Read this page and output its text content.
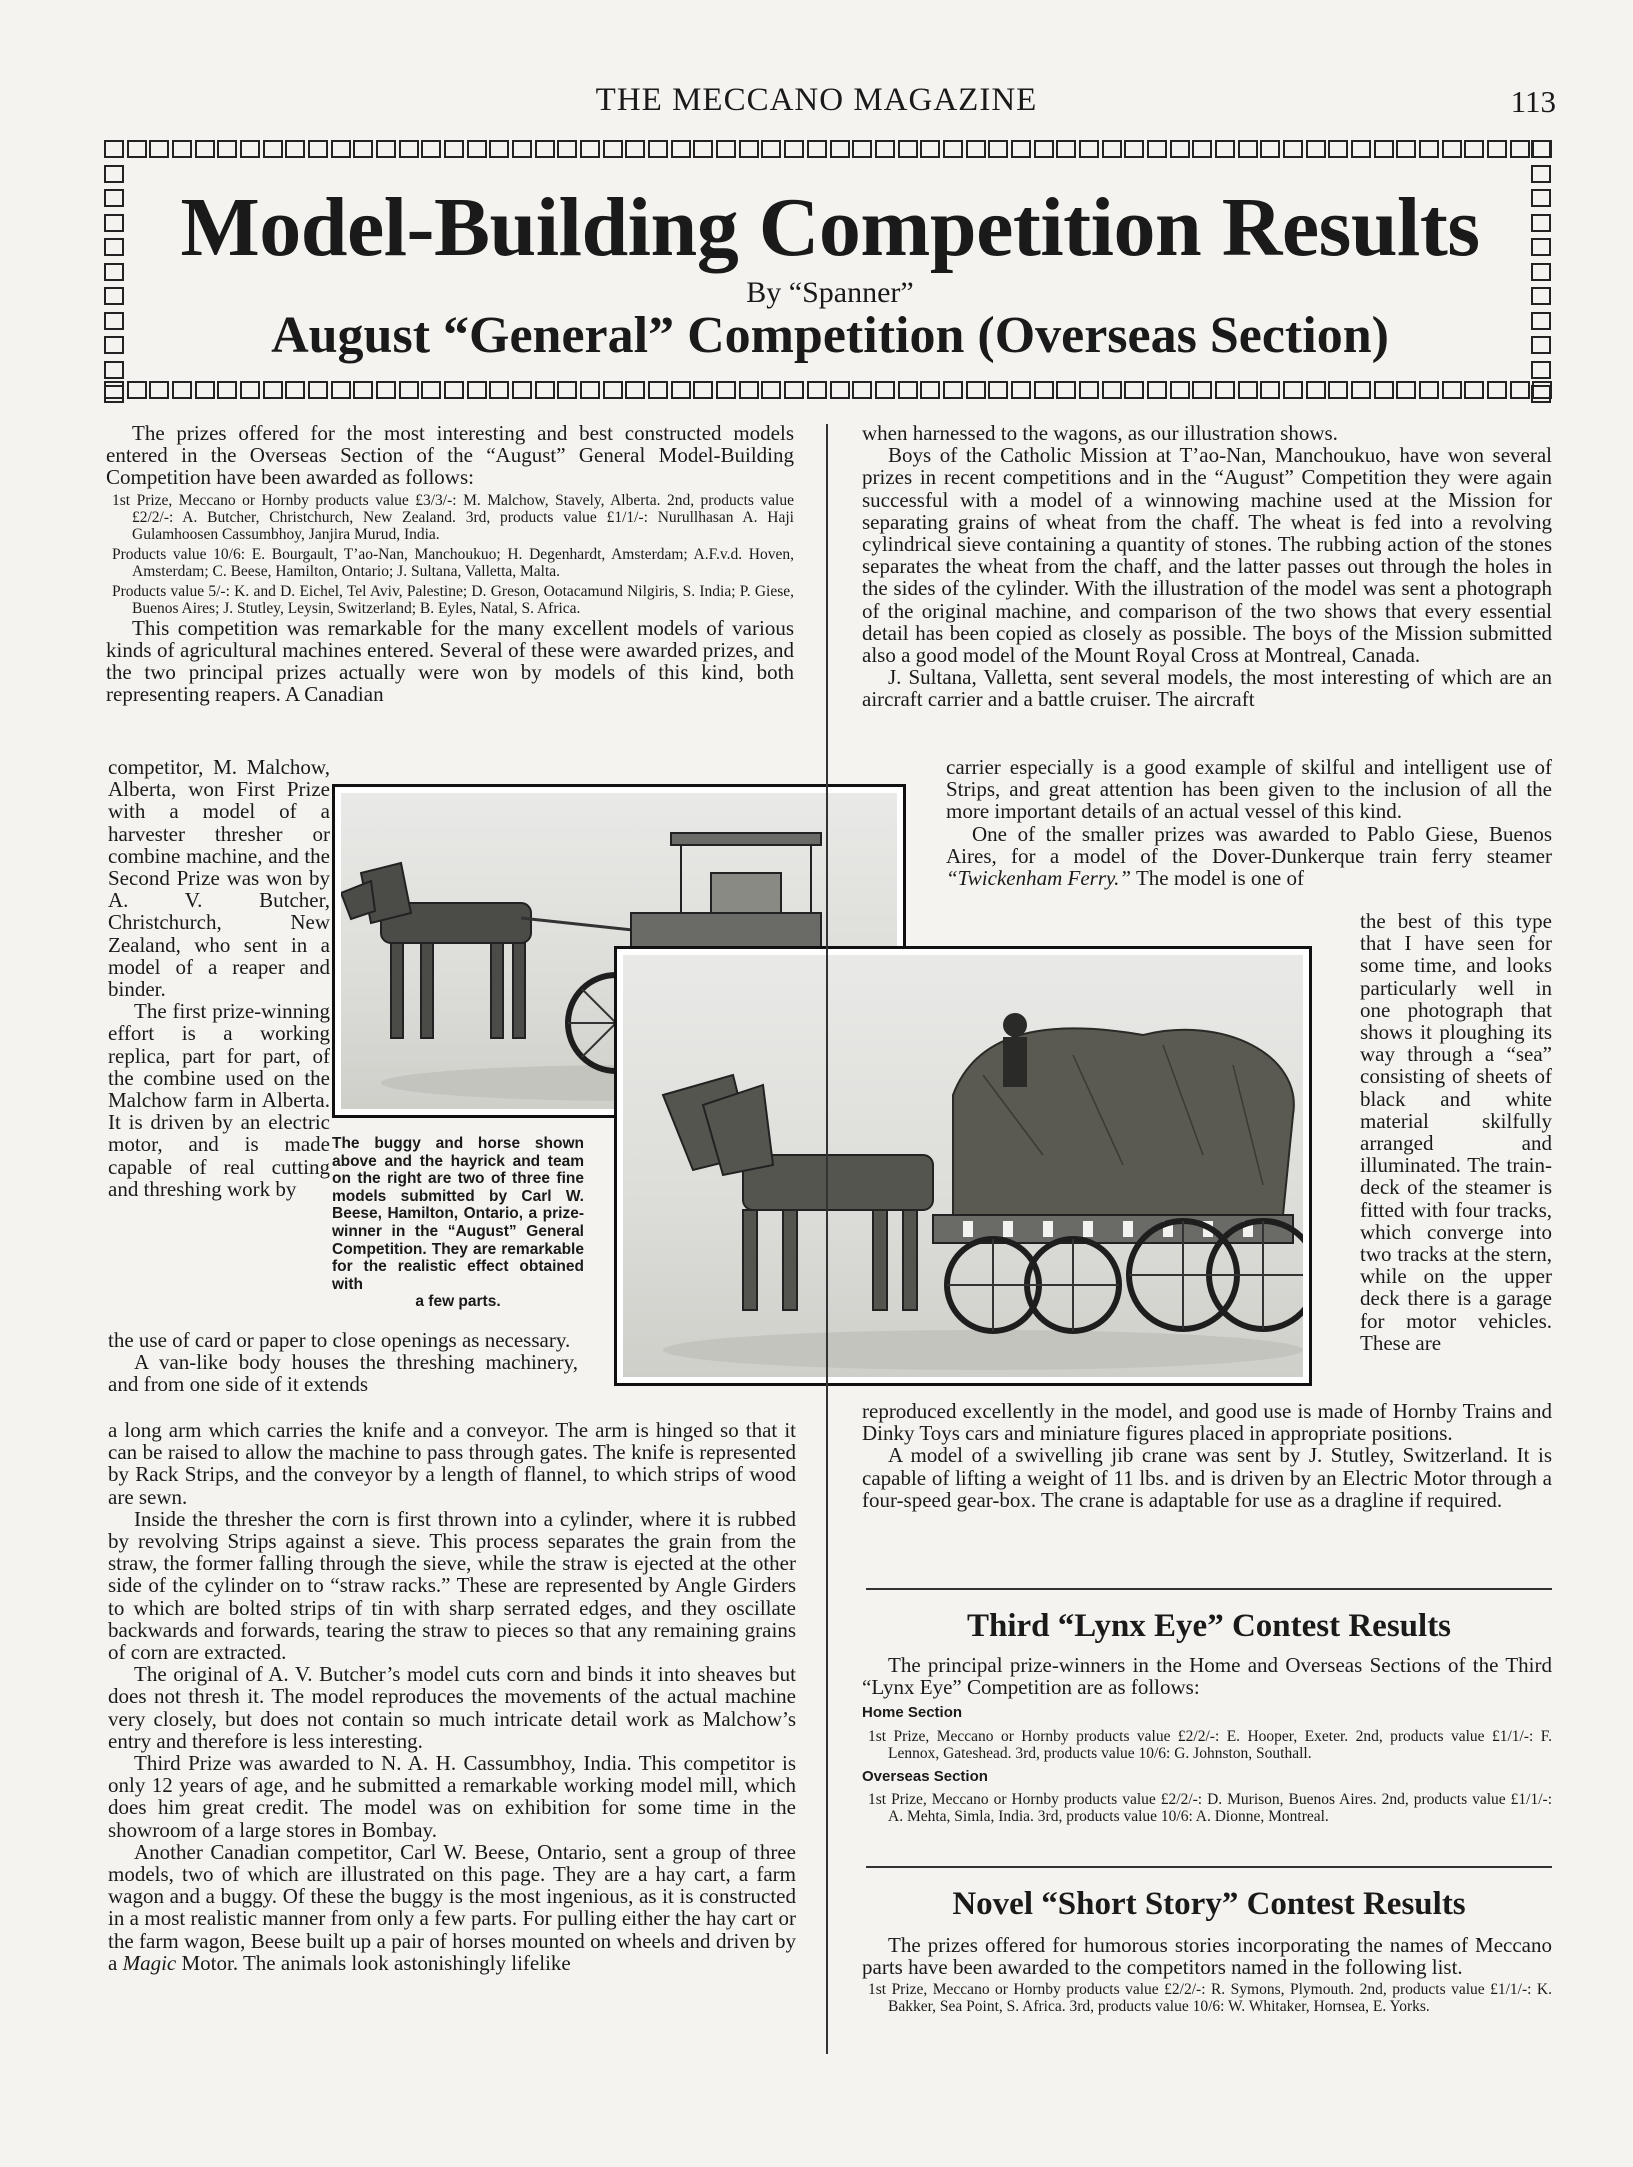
THE MECCANO MAGAZINE	113
Model-Building Competition Results
By “Spanner”
August “General” Competition (Overseas Section)

The prizes offered for the most interesting and best constructed models entered in the Overseas Section of the “August” General Model-Building Competition have been awarded as follows:

1st Prize, Meccano or Hornby products value £3/3/-: M. Malchow, Stavely, Alberta. 2nd, products value £2/2/-: A. Butcher, Christchurch, New Zealand. 3rd, products value £1/1/-: Nurullhasan A. Haji Gulamhoosen Cassumbhoy, Janjira Murud, India.

Products value 10/6: E. Bourgault, T’ao-Nan, Manchoukuo; H. Degenhardt, Amsterdam; A.F.v.d. Hoven, Amsterdam; C. Beese, Hamilton, Ontario; J. Sultana, Valletta, Malta.

Products value 5/-: K. and D. Eichel, Tel Aviv, Palestine; D. Greson, Ootacamund Nilgiris, S. India; P. Giese, Buenos Aires; J. Stutley, Leysin, Switzerland; B. Eyles, Natal, S. Africa.

This competition was remarkable for the many excellent models of various kinds of agricultural machines entered. Several of these were awarded prizes, and the two principal prizes actually were won by models of this kind, both representing reapers. A Canadian

competitor, M. Malchow, Alberta, won First Prize with a model of a harvester thresher or combine machine, and the Second Prize was won by A. V. Butcher, Christchurch, New Zealand, who sent in a model of a reaper and binder.

The first prize-winning effort is a working replica, part for part, of the combine used on the Malchow farm in Alberta. It is driven by an electric motor, and is made capable of real cutting and threshing work by

the use of card or paper to close openings as necessary.

A van-like body houses the threshing machinery, and from one side of it extends

a long arm which carries the knife and a conveyor. The arm is hinged so that it can be raised to allow the machine to pass through gates. The knife is represented by Rack Strips, and the conveyor by a length of flannel, to which strips of wood are sewn.

Inside the thresher the corn is first thrown into a cylinder, where it is rubbed by revolving Strips against a sieve. This process separates the grain from the straw, the former falling through the sieve, while the straw is ejected at the other side of the cylinder on to “straw racks.” These are represented by Angle Girders to which are bolted strips of tin with sharp serrated edges, and they oscillate backwards and forwards, tearing the straw to pieces so that any remaining grains of corn are extracted.

The original of A. V. Butcher’s model cuts corn and binds it into sheaves but does not thresh it. The model reproduces the movements of the actual machine very closely, but does not contain so much intricate detail work as Malchow’s entry and therefore is less interesting.

Third Prize was awarded to N. A. H. Cassumbhoy, India. This competitor is only 12 years of age, and he submitted a remarkable working model mill, which does him great credit. The model was on exhibition for some time in the showroom of a large stores in Bombay.

Another Canadian competitor, Carl W. Beese, Ontario, sent a group of three models, two of which are illustrated on this page. They are a hay cart, a farm wagon and a buggy. Of these the buggy is the most ingenious, as it is constructed in a most realistic manner from only a few parts. For pulling either the hay cart or the farm wagon, Beese built up a pair of horses mounted on wheels and driven by a Magic Motor. The animals look astonishingly lifelike

The buggy and horse shown above and the hayrick and team on the right are two of three fine models submitted by Carl W. Beese, Hamilton, Ontario, a prize-winner in the “August” General Competition. They are remarkable for the realistic effect obtained with
a few parts.

when harnessed to the wagons, as our illustration shows.

Boys of the Catholic Mission at T’ao-Nan, Manchoukuo, have won several prizes in recent competitions and in the “August” Competition they were again successful with a model of a winnowing machine used at the Mission for separating grains of wheat from the chaff. The wheat is fed into a revolving cylindrical sieve containing a quantity of stones. The rubbing action of the stones separates the wheat from the chaff, and the latter passes out through the holes in the sides of the cylinder. With the illustration of the model was sent a photograph of the original machine, and comparison of the two shows that every essential detail has been copied as closely as possible. The boys of the Mission submitted also a good model of the Mount Royal Cross at Montreal, Canada.

J. Sultana, Valletta, sent several models, the most interesting of which are an aircraft carrier and a battle cruiser. The aircraft

carrier especially is a good example of skilful and intelligent use of Strips, and great attention has been given to the inclusion of all the more important details of an actual vessel of this kind.

One of the smaller prizes was awarded to Pablo Giese, Buenos Aires, for a model of the Dover-Dunkerque train ferry steamer “Twickenham Ferry.” The model is one of

the best of this type that I have seen for some time, and looks particularly well in one photograph that shows it ploughing its way through a “sea” consisting of sheets of black and white material skilfully arranged and illuminated. The train-deck of the steamer is fitted with four tracks, which converge into two tracks at the stern, while on the upper deck there is a garage for motor vehicles. These are

reproduced excellently in the model, and good use is made of Hornby Trains and Dinky Toys cars and miniature figures placed in appropriate positions.

A model of a swivelling jib crane was sent by J. Stutley, Switzerland. It is capable of lifting a weight of 11 lbs. and is driven by an Electric Motor through a four-speed gear-box. The crane is adaptable for use as a dragline if required.

Third “Lynx Eye” Contest Results

The principal prize-winners in the Home and Overseas Sections of the Third “Lynx Eye” Competition are as follows:

Home Section

1st Prize, Meccano or Hornby products value £2/2/-: E. Hooper, Exeter. 2nd, products value £1/1/-: F. Lennox, Gateshead. 3rd, products value 10/6: G. Johnston, Southall.

Overseas Section

1st Prize, Meccano or Hornby products value £2/2/-: D. Murison, Buenos Aires. 2nd, products value £1/1/-: A. Mehta, Simla, India. 3rd, products value 10/6: A. Dionne, Montreal.

Novel “Short Story” Contest Results

The prizes offered for humorous stories incorporating the names of Meccano parts have been awarded to the competitors named in the following list.

1st Prize, Meccano or Hornby products value £2/2/-: R. Symons, Plymouth. 2nd, products value £1/1/-: K. Bakker, Sea Point, S. Africa. 3rd, products value 10/6: W. Whitaker, Hornsea, E. Yorks.
